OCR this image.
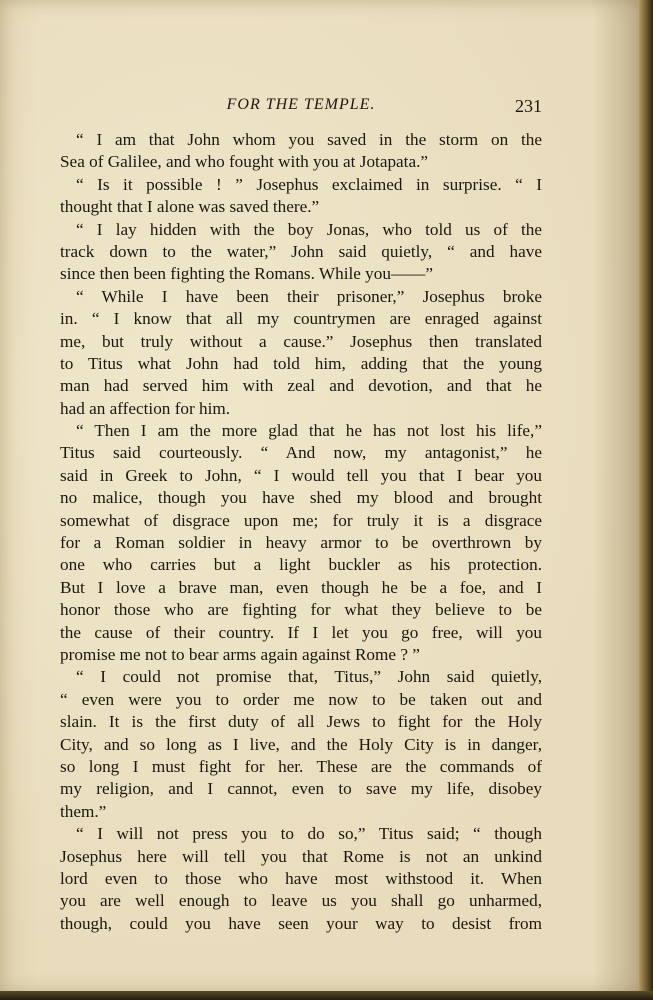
FOR THE TEMPLE.	231
“ I am that John whom you saved in the storm on the
Sea of Galilee, and who fought with you at Jotapata.”
“ Is it possible ! ” Josephus exclaimed in surprise. “ I
thought that I alone was saved there.”
“ I lay hidden with the boy Jonas, who told us of the
track down to the water,” John said quietly, “ and have
since then been fighting the Romans. While you——”
“ While I have been their prisoner,” Josephus broke
in. “ I know that all my countrymen are enraged against
me, but truly without a cause.” Josephus then translated
to Titus what John had told him, adding that the young
man had served him with zeal and devotion, and that he
had an affection for him.
“ Then I am the more glad that he has not lost his life,”
Titus said courteously. “ And now, my antagonist,” he
said in Greek to John, “ I would tell you that I bear you
no malice, though you have shed my blood and brought
somewhat of disgrace upon me; for truly it is a disgrace
for a Roman soldier in heavy armor to be overthrown by
one who carries but a light buckler as his protection.
But I love a brave man, even though he be a foe, and I
honor those who are fighting for what they believe to be
the cause of their country. If I let you go free, will you
promise me not to bear arms again against Rome ? ”
“ I could not promise that, Titus,” John said quietly,
“ even were you to order me now to be taken out and
slain. It is the first duty of all Jews to fight for the Holy
City, and so long as I live, and the Holy City is in danger,
so long I must fight for her. These are the commands of
my religion, and I cannot, even to save my life, disobey
them.”
“ I will not press you to do so,” Titus said; “ though
Josephus here will tell you that Rome is not an unkind
lord even to those who have most withstood it. When
you are well enough to leave us you shall go unharmed,
though, could you have seen your way to desist from
